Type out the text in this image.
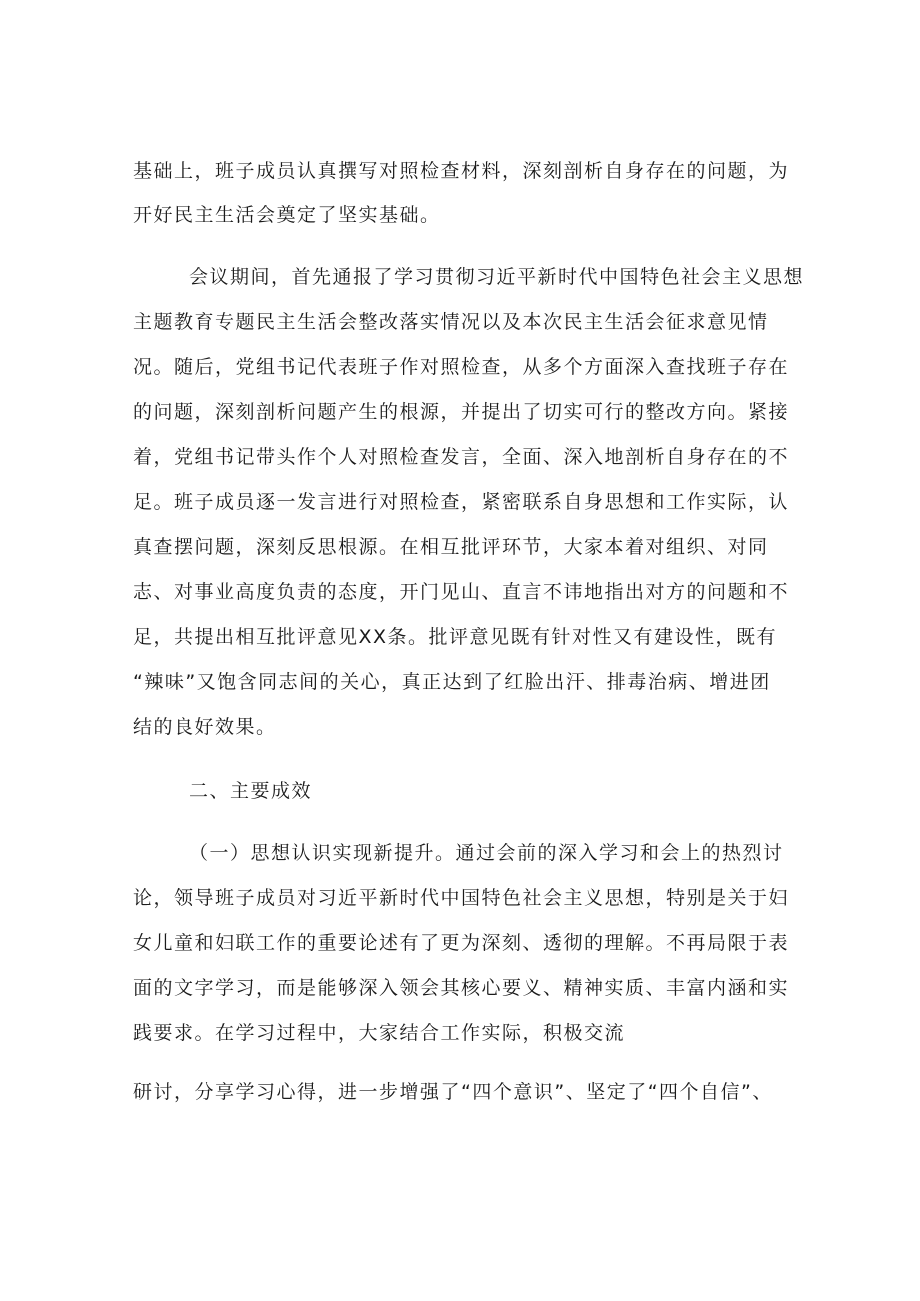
基础上，班子成员认真撰写对照检查材料，深刻剖析自身存在的问题，为
开好民主生活会奠定了坚实基础。
会议期间，首先通报了学习贯彻习近平新时代中国特色社会主义思想
主题教育专题民主生活会整改落实情况以及本次民主生活会征求意见情
况。随后，党组书记代表班子作对照检查，从多个方面深入查找班子存在
的问题，深刻剖析问题产生的根源，并提出了切实可行的整改方向。紧接
着，党组书记带头作个人对照检查发言，全面、深入地剖析自身存在的不
足。班子成员逐一发言进行对照检查，紧密联系自身思想和工作实际，认
真查摆问题，深刻反思根源。在相互批评环节，大家本着对组织、对同
志、对事业高度负责的态度，开门见山、直言不讳地指出对方的问题和不
足，共提出相互批评意见XX条。批评意见既有针对性又有建设性，既有
“辣味”又饱含同志间的关心，真正达到了红脸出汗、排毒治病、增进团
结的良好效果。
二、主要成效
（一）思想认识实现新提升。通过会前的深入学习和会上的热烈讨
论，领导班子成员对习近平新时代中国特色社会主义思想，特别是关于妇
女儿童和妇联工作的重要论述有了更为深刻、透彻的理解。不再局限于表
面的文字学习，而是能够深入领会其核心要义、精神实质、丰富内涵和实
践要求。在学习过程中，大家结合工作实际，积极交流
研讨，分享学习心得，进一步增强了“四个意识”、坚定了“四个自信”、
